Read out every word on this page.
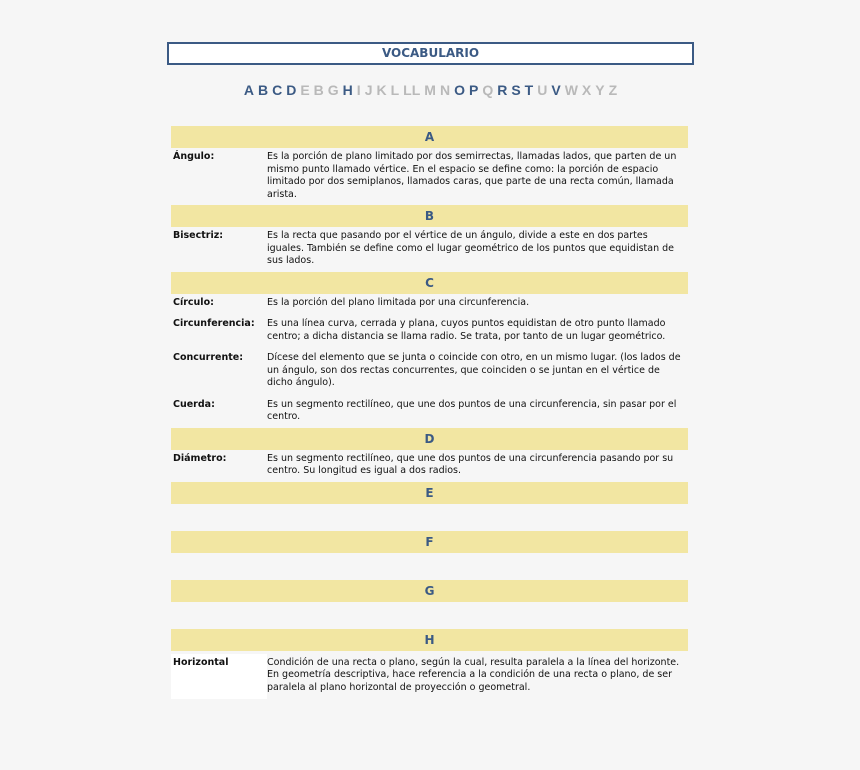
VOCABULARIO
A B C D E B G H I J K L LL M N O P Q R S T U V W X Y Z
A
Ángulo:	Es la porción de plano limitado por dos semirrectas, llamadas lados, que parten de un mismo punto llamado vértice. En el espacio se define como: la porción de espacio limitado por dos semiplanos, llamados caras, que parte de una recta común, llamada arista.
B
Bisectriz:	Es la recta que pasando por el vértice de un ángulo, divide a este en dos partes iguales. También se define como el lugar geométrico de los puntos que equidistan de sus lados.
C
Círculo:	Es la porción del plano limitada por una circunferencia.
Circunferencia:	Es una línea curva, cerrada y plana, cuyos puntos equidistan de otro punto llamado centro; a dicha distancia se llama radio. Se trata, por tanto de un lugar geométrico.
Concurrente:	Dícese del elemento que se junta o coincide con otro, en un mismo lugar. (los lados de un ángulo, son dos rectas concurrentes, que coinciden o se juntan en el vértice de dicho ángulo).
Cuerda:	Es un segmento rectilíneo, que une dos puntos de una circunferencia, sin pasar por el centro.
D
Diámetro:	Es un segmento rectilíneo, que une dos puntos de una circunferencia pasando por su centro. Su longitud es igual a dos radios.
E
F
G
H
Horizontal	Condición de una recta o plano, según la cual, resulta paralela a la línea del horizonte. En geometría descriptiva, hace referencia a la condición de una recta o plano, de ser paralela al plano horizontal de proyección o geometral.
